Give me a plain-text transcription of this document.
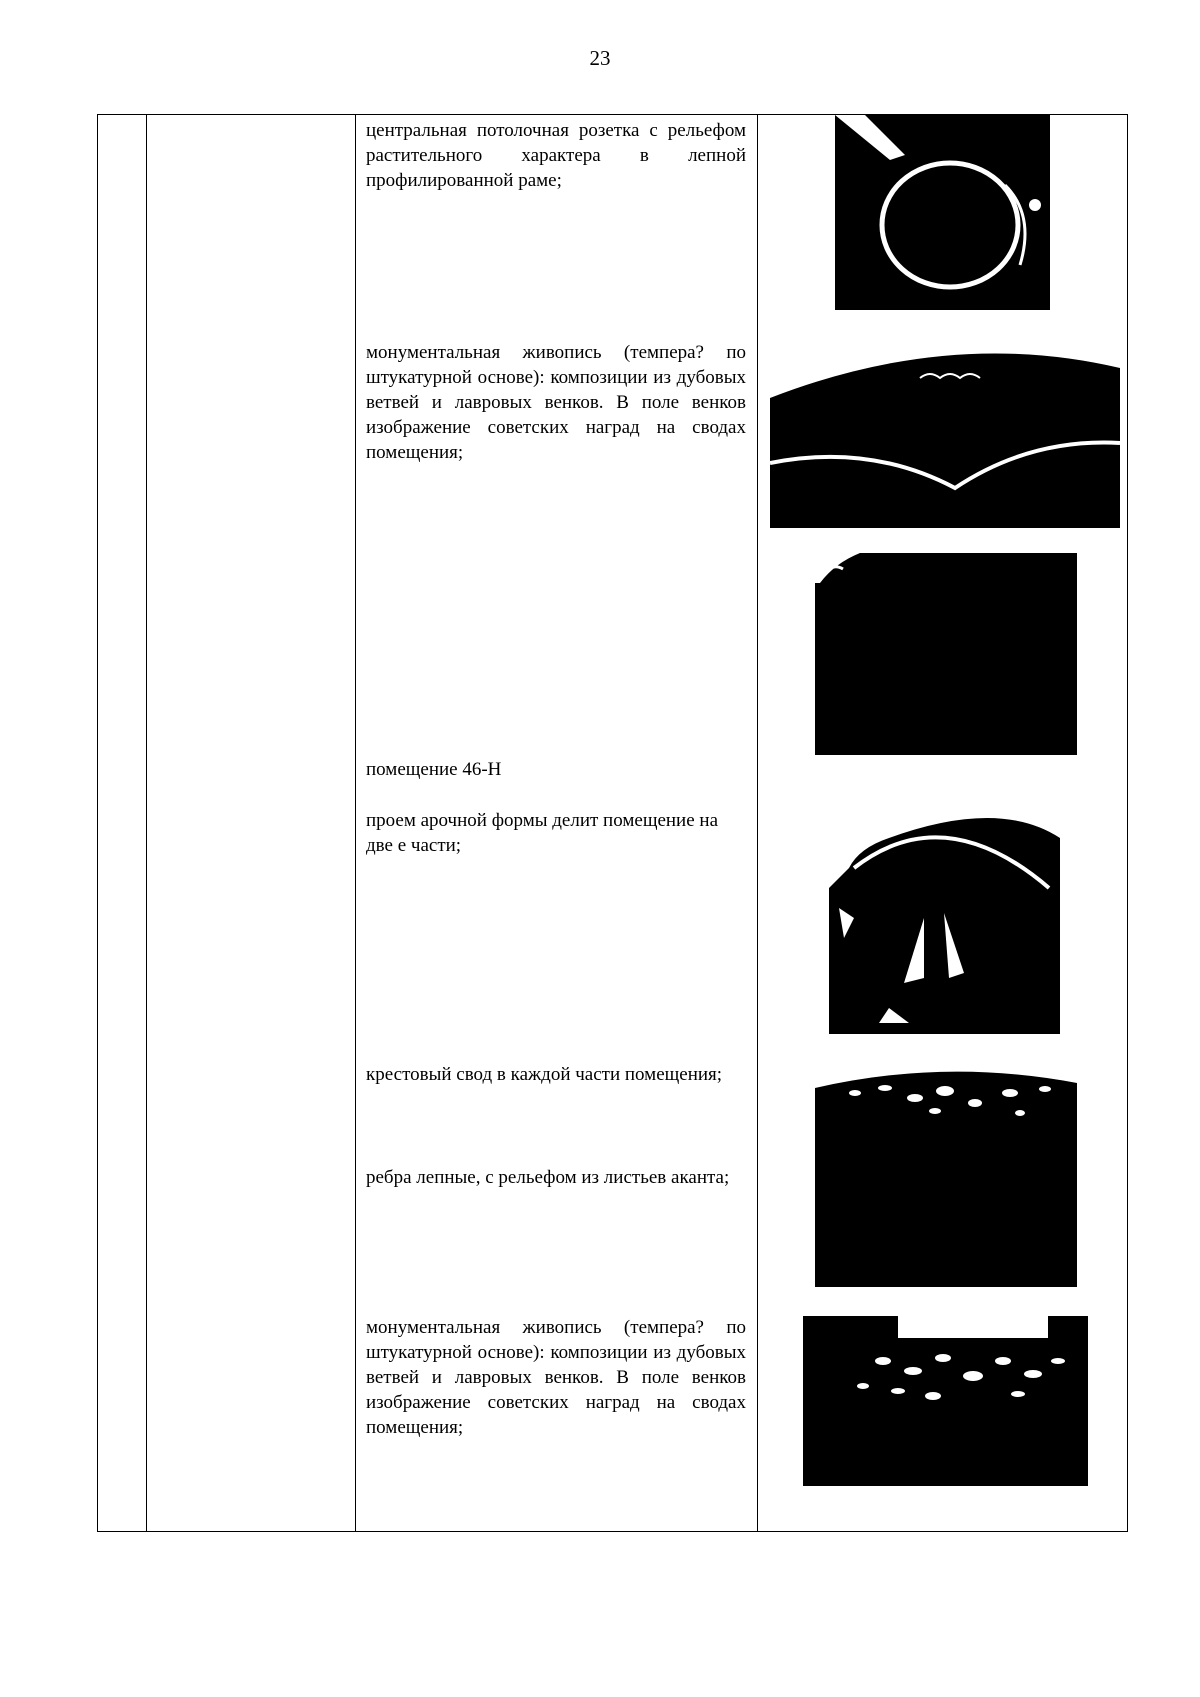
23
центральная потолочная розетка с рельефом растительного характера в лепной профилированной раме;
монументальная живопись (темпера? по штукатурной основе): композиции из дубовых ветвей и лавровых венков. В поле венков изображение советских наград на сводах помещения;
помещение 46-Н
проем арочной формы делит помещение на две е части;
крестовый свод в каждой части помещения;
ребра лепные, с рельефом из листьев аканта;
монументальная живопись (темпера? по штукатурной основе): композиции из дубовых ветвей и лавровых венков. В поле венков изображение советских наград на сводах помещения;
